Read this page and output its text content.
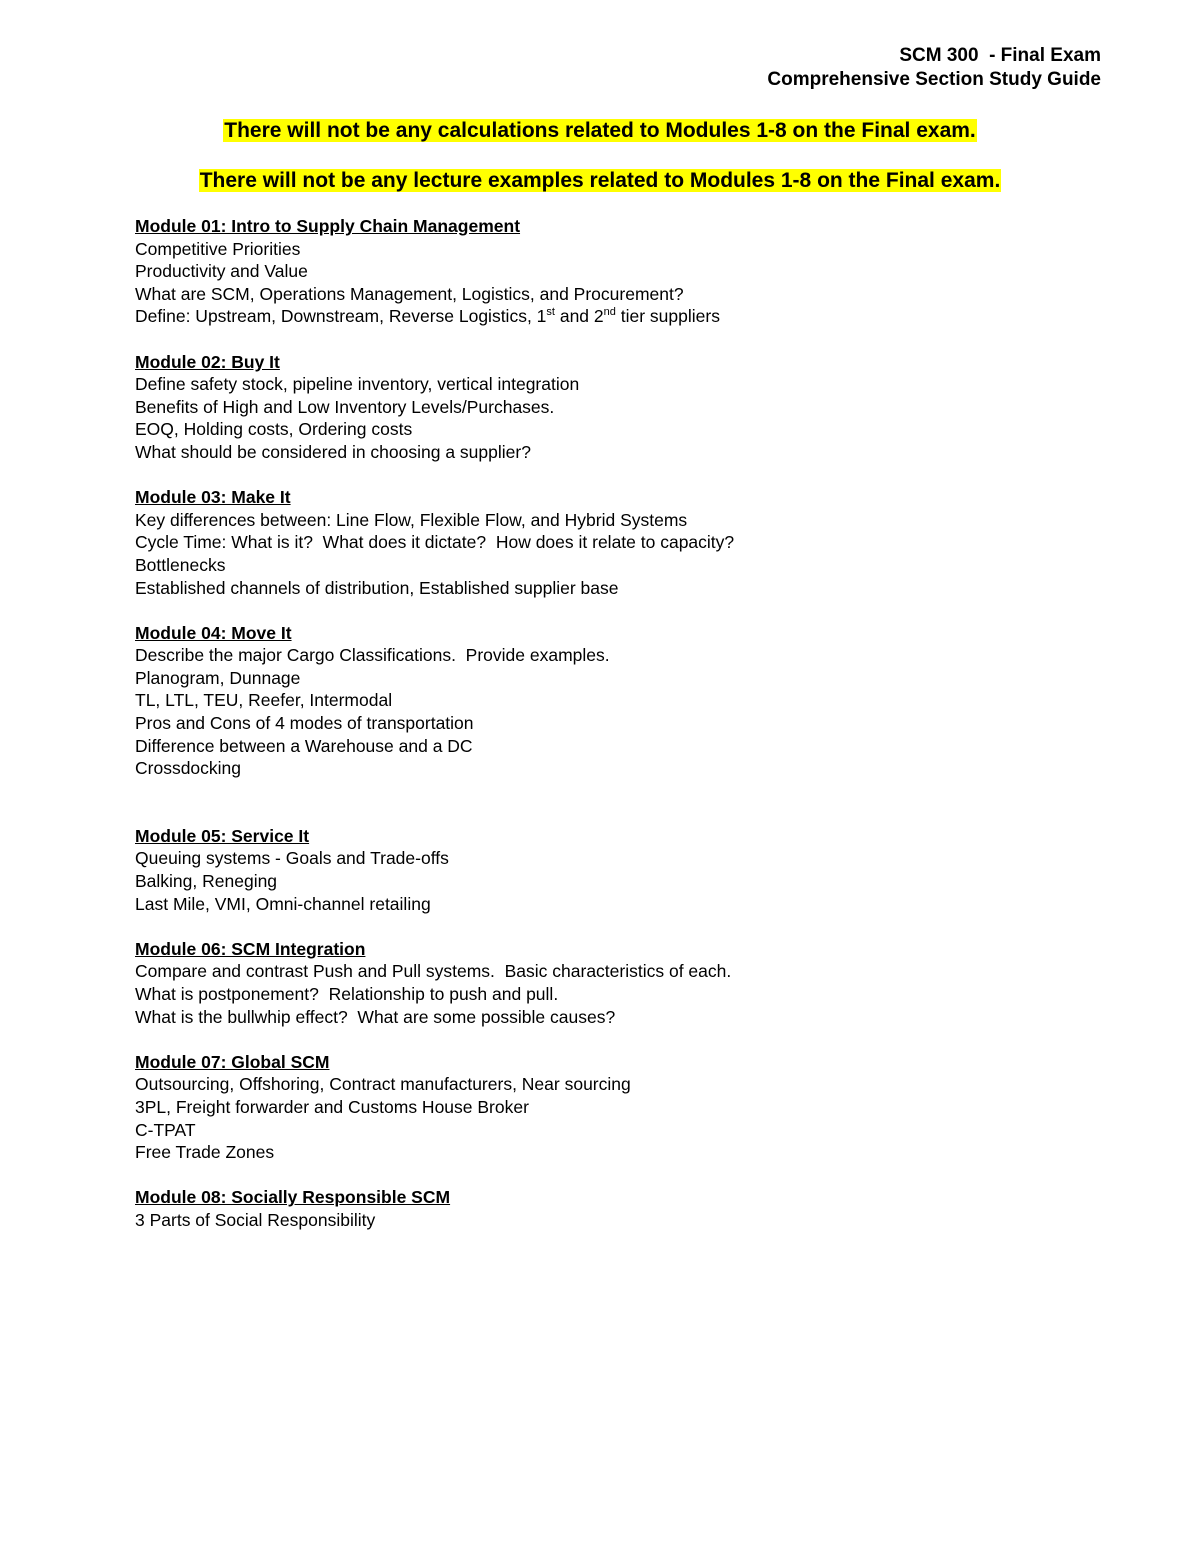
SCM 300  - Final Exam
Comprehensive Section Study Guide
There will not be any calculations related to Modules 1-8 on the Final exam.
There will not be any lecture examples related to Modules 1-8 on the Final exam.
Module 01: Intro to Supply Chain Management
Competitive Priorities
Productivity and Value
What are SCM, Operations Management, Logistics, and Procurement?
Define: Upstream, Downstream, Reverse Logistics, 1st and 2nd tier suppliers
Module 02: Buy It
Define safety stock, pipeline inventory, vertical integration
Benefits of High and Low Inventory Levels/Purchases.
EOQ, Holding costs, Ordering costs
What should be considered in choosing a supplier?
Module 03: Make It
Key differences between: Line Flow, Flexible Flow, and Hybrid Systems
Cycle Time: What is it?  What does it dictate?  How does it relate to capacity?
Bottlenecks
Established channels of distribution, Established supplier base
Module 04: Move It
Describe the major Cargo Classifications.  Provide examples.
Planogram, Dunnage
TL, LTL, TEU, Reefer, Intermodal
Pros and Cons of 4 modes of transportation
Difference between a Warehouse and a DC
Crossdocking
Module 05: Service It
Queuing systems - Goals and Trade-offs
Balking, Reneging
Last Mile, VMI, Omni-channel retailing
Module 06: SCM Integration
Compare and contrast Push and Pull systems.  Basic characteristics of each.
What is postponement?  Relationship to push and pull.
What is the bullwhip effect?  What are some possible causes?
Module 07: Global SCM
Outsourcing, Offshoring, Contract manufacturers, Near sourcing
3PL, Freight forwarder and Customs House Broker
C-TPAT
Free Trade Zones
Module 08: Socially Responsible SCM
3 Parts of Social Responsibility
